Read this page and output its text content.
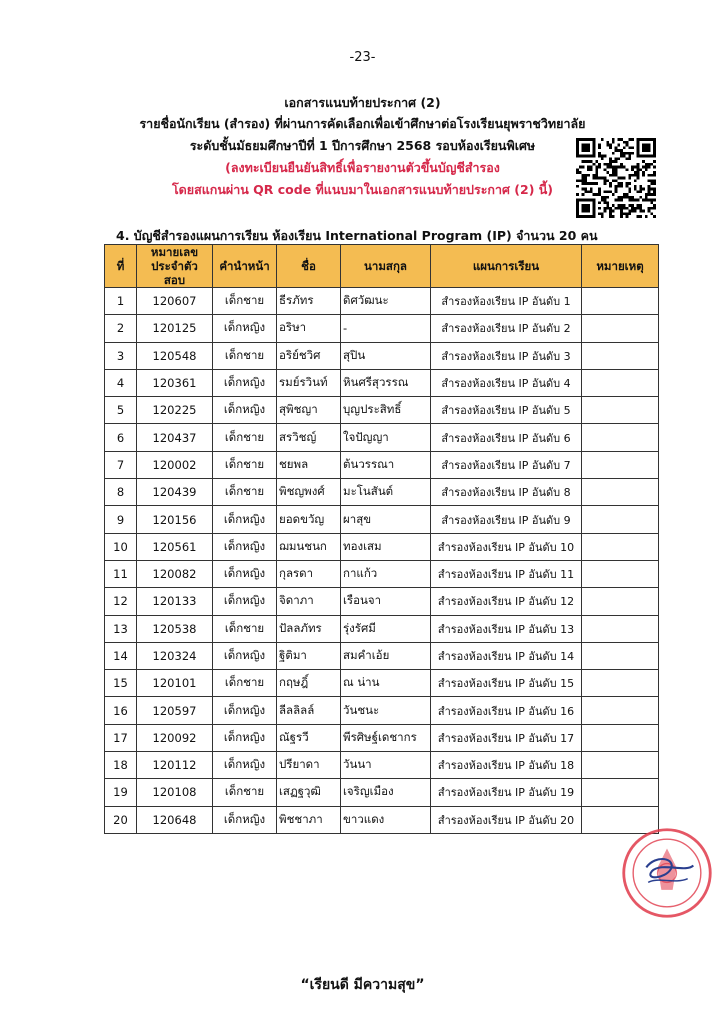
-23-
เอกสารแนบท้ายประกาศ (2)
รายชื่อนักเรียน (สำรอง) ที่ผ่านการคัดเลือกเพื่อเข้าศึกษาต่อโรงเรียนยุพราชวิทยาลัย
ระดับชั้นมัธยมศึกษาปีที่ 1 ปีการศึกษา 2568 รอบห้องเรียนพิเศษ
(ลงทะเบียนยืนยันสิทธิ์เพื่อรายงานตัวขึ้นบัญชีสำรอง
โดยสแกนผ่าน QR code ที่แนบมาในเอกสารแนบท้ายประกาศ (2) นี้)
4. บัญชีสำรองแผนการเรียน ห้องเรียน International Program (IP) จำนวน 20 คน
ที่	หมายเลข ประจำตัวสอบ	คำนำหน้า	ชื่อ	นามสกุล	แผนการเรียน	หมายเหตุ
1	120607	เด็กชาย	ธีรภัทร	ดิศวัฒนะ	สำรองห้องเรียน IP อันดับ 1	
2	120125	เด็กหญิง	อริษา	-	สำรองห้องเรียน IP อันดับ 2	
3	120548	เด็กชาย	อริย์ชวิศ	สุปิน	สำรองห้องเรียน IP อันดับ 3	
4	120361	เด็กหญิง	รมย์รวินท์	หินศรีสุวรรณ	สำรองห้องเรียน IP อันดับ 4	
5	120225	เด็กหญิง	สุพิชญา	บุญประสิทธิ์	สำรองห้องเรียน IP อันดับ 5	
6	120437	เด็กชาย	สรวิชญ์	ใจปัญญา	สำรองห้องเรียน IP อันดับ 6	
7	120002	เด็กชาย	ชยพล	ต้นวรรณา	สำรองห้องเรียน IP อันดับ 7	
8	120439	เด็กชาย	พิชญพงศ์	มะโนสันต์	สำรองห้องเรียน IP อันดับ 8	
9	120156	เด็กหญิง	ยอดขวัญ	ผาสุข	สำรองห้องเรียน IP อันดับ 9	
10	120561	เด็กหญิง	ฌมนชนก	ทองเสม	สำรองห้องเรียน IP อันดับ 10	
11	120082	เด็กหญิง	กุลรดา	กาแก้ว	สำรองห้องเรียน IP อันดับ 11	
12	120133	เด็กหญิง	จิดาภา	เรือนจา	สำรองห้องเรียน IP อันดับ 12	
13	120538	เด็กชาย	ปัลลภัทร	รุ่งรัศมี	สำรองห้องเรียน IP อันดับ 13	
14	120324	เด็กหญิง	ฐิติมา	สมคำเอ้ย	สำรองห้องเรียน IP อันดับ 14	
15	120101	เด็กชาย	กฤษฎิ์	ณ น่าน	สำรองห้องเรียน IP อันดับ 15	
16	120597	เด็กหญิง	ลีลลิลล์	วันชนะ	สำรองห้องเรียน IP อันดับ 16	
17	120092	เด็กหญิง	ณัฐรวี	พีรศิษฐ์เดชากร	สำรองห้องเรียน IP อันดับ 17	
18	120112	เด็กหญิง	ปรียาดา	วันนา	สำรองห้องเรียน IP อันดับ 18	
19	120108	เด็กชาย	เสฏฐวุฒิ	เจริญเมือง	สำรองห้องเรียน IP อันดับ 19	
20	120648	เด็กหญิง	พิชชาภา	ขาวแดง	สำรองห้องเรียน IP อันดับ 20	
“เรียนดี มีความสุข”
